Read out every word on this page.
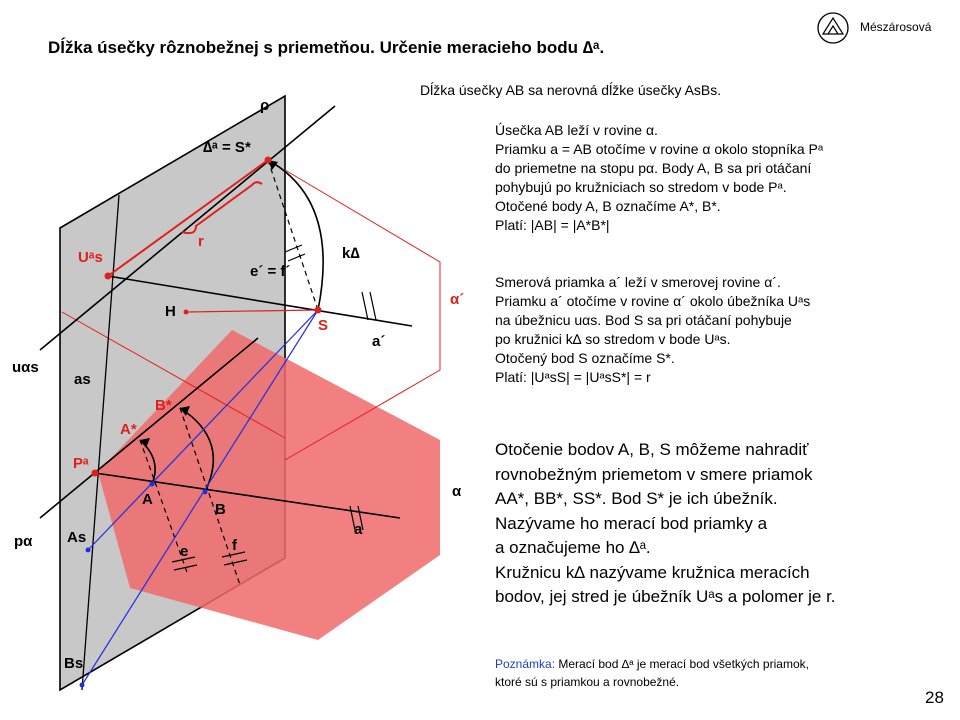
Mészárosová
Dĺžka úsečky rôznobežnej s priemetňou. Určenie meracieho bodu ∆ᵃ.
Dĺžka úsečky AB sa nerovná dĺžke úsečky AsBs.
Úsečka AB leží v rovine α.
Priamku a = AB otočíme v rovine α okolo stopníka Pᵃ
do priemetne na stopu pα. Body A, B sa pri otáčaní
pohybujú po kružniciach so stredom v bode Pᵃ.
Otočené body A, B označíme A*, B*.
Platí: |AB| = |A*B*|
Smerová priamka a´ leží v smerovej rovine α´.
Priamku a´ otočíme v rovine α´ okolo úbežníka Uᵃs
na úbežnicu uαs. Bod S sa pri otáčaní pohybuje
po kružnici k∆ so stredom v bode Uᵃs.
Otočený bod S označíme S*.
Platí: |UᵃsS| = |UᵃsS*| = r
Otočenie bodov A, B, S môžeme nahradiť
rovnobežným priemetom v smere priamok
AA*, BB*, SS*. Bod S* je ich úbežník.
Nazývame ho merací bod priamky a
a označujeme ho ∆ᵃ.
Kružnicu k∆ nazývame kružnica meracích
bodov, jej stred je úbežník Uᵃs a polomer je r.
Poznámka: Merací bod ∆ᵃ je merací bod všetkých priamok,
ktoré sú s priamkou a rovnobežné.
28
ρ
∆ᵃ = S*
r
Uᵃs	k∆
e´ = f´
H
S
α´
a´
uαs
as
B*
A*
Pᵃ
A
B
α
a
pα As
e	f
Bs
